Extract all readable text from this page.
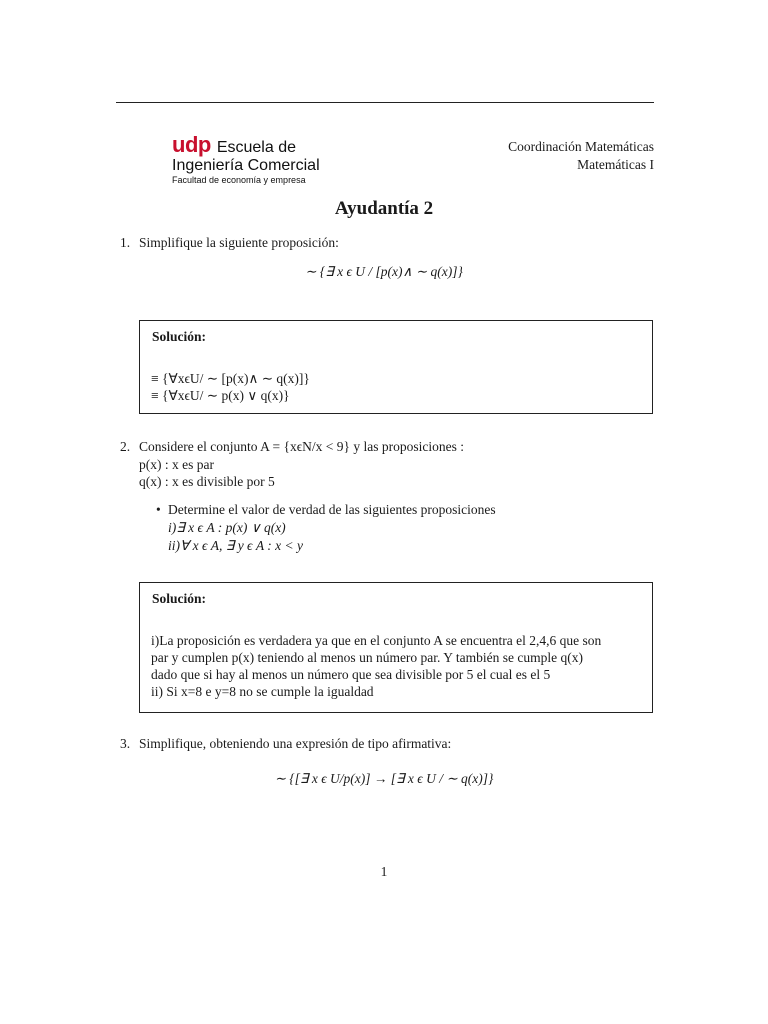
udp Escuela de
Ingeniería Comercial
Facultad de economía y empresa
Coordinación Matemáticas
Matemáticas I
Ayudantía 2
1. Simplifique la siguiente proposición:
∼ {∃ x ϵ U / [p(x)∧ ∼ q(x)]}
Solución:
≡ {∀xϵU/ ∼ [p(x)∧ ∼ q(x)]}
≡ {∀xϵU/ ∼ p(x) ∨ q(x)}
2. Considere el conjunto A = {xϵN/x < 9} y las proposiciones :
p(x) : x es par
q(x) : x es divisible por 5
• Determine el valor de verdad de las siguientes proposiciones
i)∃ x ϵ A : p(x) ∨ q(x)
ii)∀ x ϵ A, ∃ y ϵ A : x < y
Solución:
i)La proposición es verdadera ya que en el conjunto A se encuentra el 2,4,6 que son
par y cumplen p(x) teniendo al menos un número par. Y también se cumple q(x)
dado que si hay al menos un número que sea divisible por 5 el cual es el 5
ii) Si x=8 e y=8 no se cumple la igualdad
3. Simplifique, obteniendo una expresión de tipo afirmativa:
∼ {[∃ x ϵ U/p(x)] → [∃ x ϵ U / ∼ q(x)]}
1
